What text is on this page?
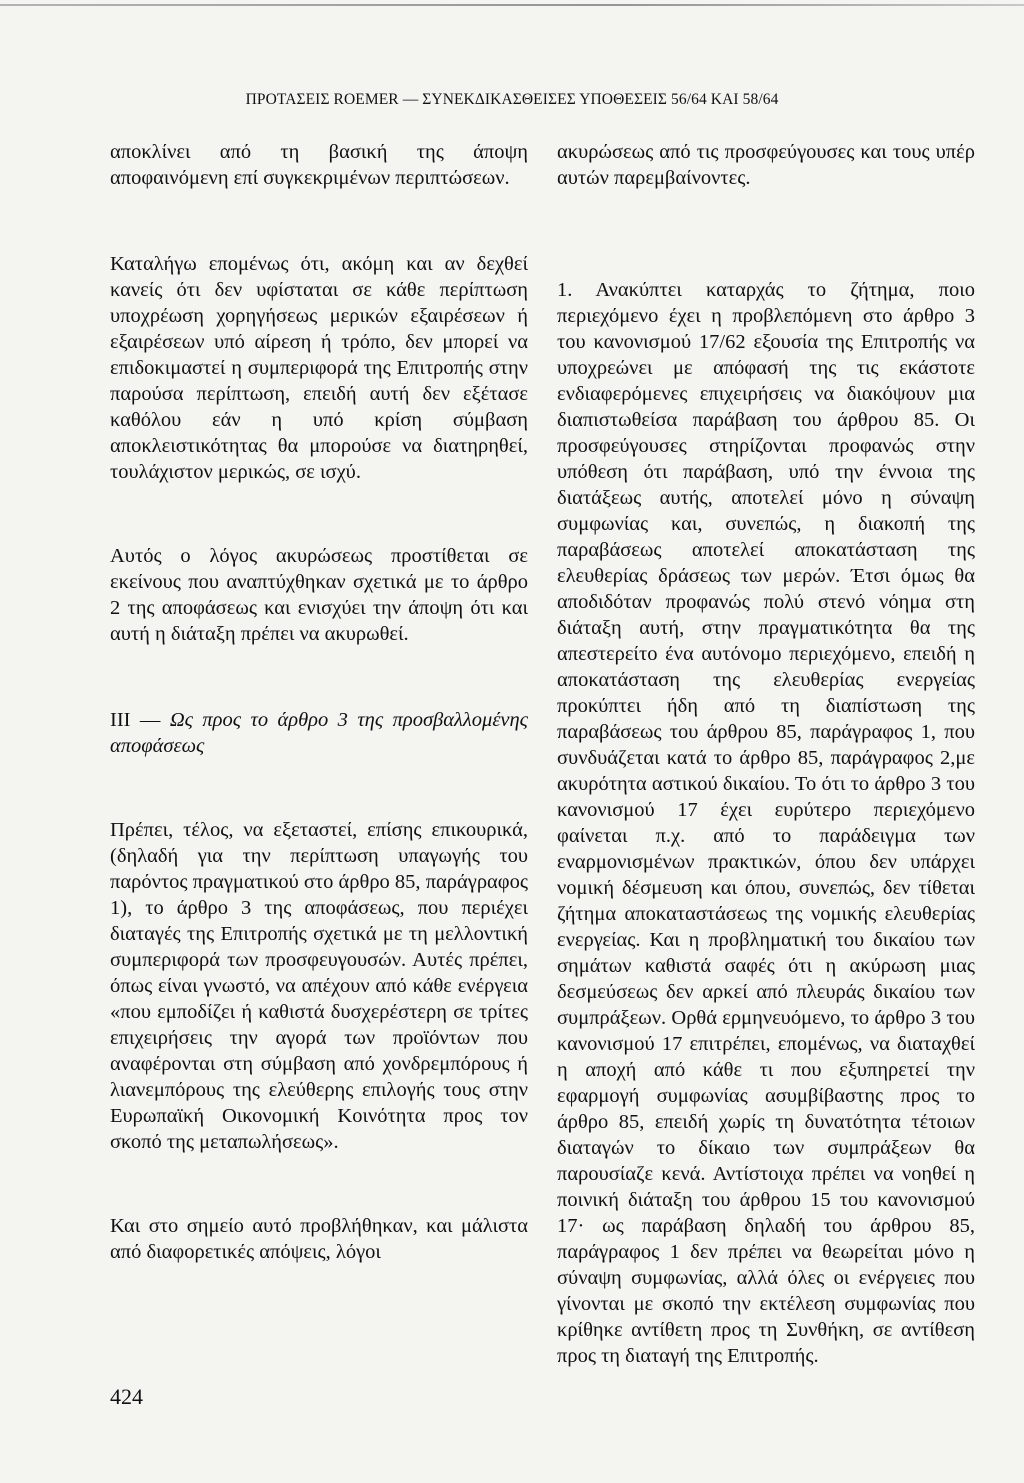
ΠΡΟΤΑΣΕΙΣ ROEMER — ΣΥΝΕΚΔΙΚΑΣΘΕΙΣΕΣ ΥΠΟΘΕΣΕΙΣ 56/64 ΚΑΙ 58/64

αποκλίνει από τη βασική της άποψη αποφαινόμενη επί συγκεκριμένων περιπτώσεων.

Καταλήγω επομένως ότι, ακόμη και αν δεχθεί κανείς ότι δεν υφίσταται σε κάθε περίπτωση υποχρέωση χορηγήσεως μερικών εξαιρέσεων ή εξαιρέσεων υπό αίρεση ή τρόπο, δεν μπορεί να επιδοκιμαστεί η συμπεριφορά της Επιτροπής στην παρούσα περίπτωση, επειδή αυτή δεν εξέτασε καθόλου εάν η υπό κρίση σύμβαση αποκλειστικότητας θα μπορούσε να διατηρηθεί, τουλάχιστον μερικώς, σε ισχύ.

Αυτός ο λόγος ακυρώσεως προστίθεται σε εκείνους που αναπτύχθηκαν σχετικά με το άρθρο 2 της αποφάσεως και ενισχύει την άποψη ότι και αυτή η διάταξη πρέπει να ακυρωθεί.

III — Ως προς το άρθρο 3 της προσβαλλομένης αποφάσεως

Πρέπει, τέλος, να εξεταστεί, επίσης επικουρικά, (δηλαδή για την περίπτωση υπαγωγής του παρόντος πραγματικού στο άρθρο 85, παράγραφος 1), το άρθρο 3 της αποφάσεως, που περιέχει διαταγές της Επιτροπής σχετικά με τη μελλοντική συμπεριφορά των προσφευγουσών. Αυτές πρέπει, όπως είναι γνωστό, να απέχουν από κάθε ενέργεια «που εμποδίζει ή καθιστά δυσχερέστερη σε τρίτες επιχειρήσεις την αγορά των προϊόντων που αναφέρονται στη σύμβαση από χονδρεμπόρους ή λιανεμπόρους της ελεύθερης επιλογής τους στην Ευρωπαϊκή Οικονομική Κοινότητα προς τον σκοπό της μεταπωλήσεως».

Και στο σημείο αυτό προβλήθηκαν, και μάλιστα από διαφορετικές απόψεις, λόγοι

ακυρώσεως από τις προσφεύγουσες και τους υπέρ αυτών παρεμβαίνοντες.

1. Ανακύπτει καταρχάς το ζήτημα, ποιο περιεχόμενο έχει η προβλεπόμενη στο άρθρο 3 του κανονισμού 17/62 εξουσία της Επιτροπής να υποχρεώνει με απόφασή της τις εκάστοτε ενδιαφερόμενες επιχειρήσεις να διακόψουν μια διαπιστωθείσα παράβαση του άρθρου 85. Οι προσφεύγουσες στηρίζονται προφανώς στην υπόθεση ότι παράβαση, υπό την έννοια της διατάξεως αυτής, αποτελεί μόνο η σύναψη συμφωνίας και, συνεπώς, η διακοπή της παραβάσεως αποτελεί αποκατάσταση της ελευθερίας δράσεως των μερών. Έτσι όμως θα αποδιδόταν προφανώς πολύ στενό νόημα στη διάταξη αυτή, στην πραγματικότητα θα της απεστερείτο ένα αυτόνομο περιεχόμενο, επειδή η αποκατάσταση της ελευθερίας ενεργείας προκύπτει ήδη από τη διαπίστωση της παραβάσεως του άρθρου 85, παράγραφος 1, που συνδυάζεται κατά το άρθρο 85, παράγραφος 2,με ακυρότητα αστικού δικαίου. Το ότι το άρθρο 3 του κανονισμού 17 έχει ευρύτερο περιεχόμενο φαίνεται π.χ. από το παράδειγμα των εναρμονισμένων πρακτικών, όπου δεν υπάρχει νομική δέσμευση και όπου, συνεπώς, δεν τίθεται ζήτημα αποκαταστάσεως της νομικής ελευθερίας ενεργείας. Και η προβληματική του δικαίου των σημάτων καθιστά σαφές ότι η ακύρωση μιας δεσμεύσεως δεν αρκεί από πλευράς δικαίου των συμπράξεων. Ορθά ερμηνευόμενο, το άρθρο 3 του κανονισμού 17 επιτρέπει, επομένως, να διαταχθεί η αποχή από κάθε τι που εξυπηρετεί την εφαρμογή συμφωνίας ασυμβίβαστης προς το άρθρο 85, επειδή χωρίς τη δυνατότητα τέτοιων διαταγών το δίκαιο των συμπράξεων θα παρουσίαζε κενά. Αντίστοιχα πρέπει να νοηθεί η ποινική διάταξη του άρθρου 15 του κανονισμού 17· ως παράβαση δηλαδή του άρθρου 85, παράγραφος 1 δεν πρέπει να θεωρείται μόνο η σύναψη συμφωνίας, αλλά όλες οι ενέργειες που γίνονται με σκοπό την εκτέλεση συμφωνίας που κρίθηκε αντίθετη προς τη Συνθήκη, σε αντίθεση προς τη διαταγή της Επιτροπής.

424
